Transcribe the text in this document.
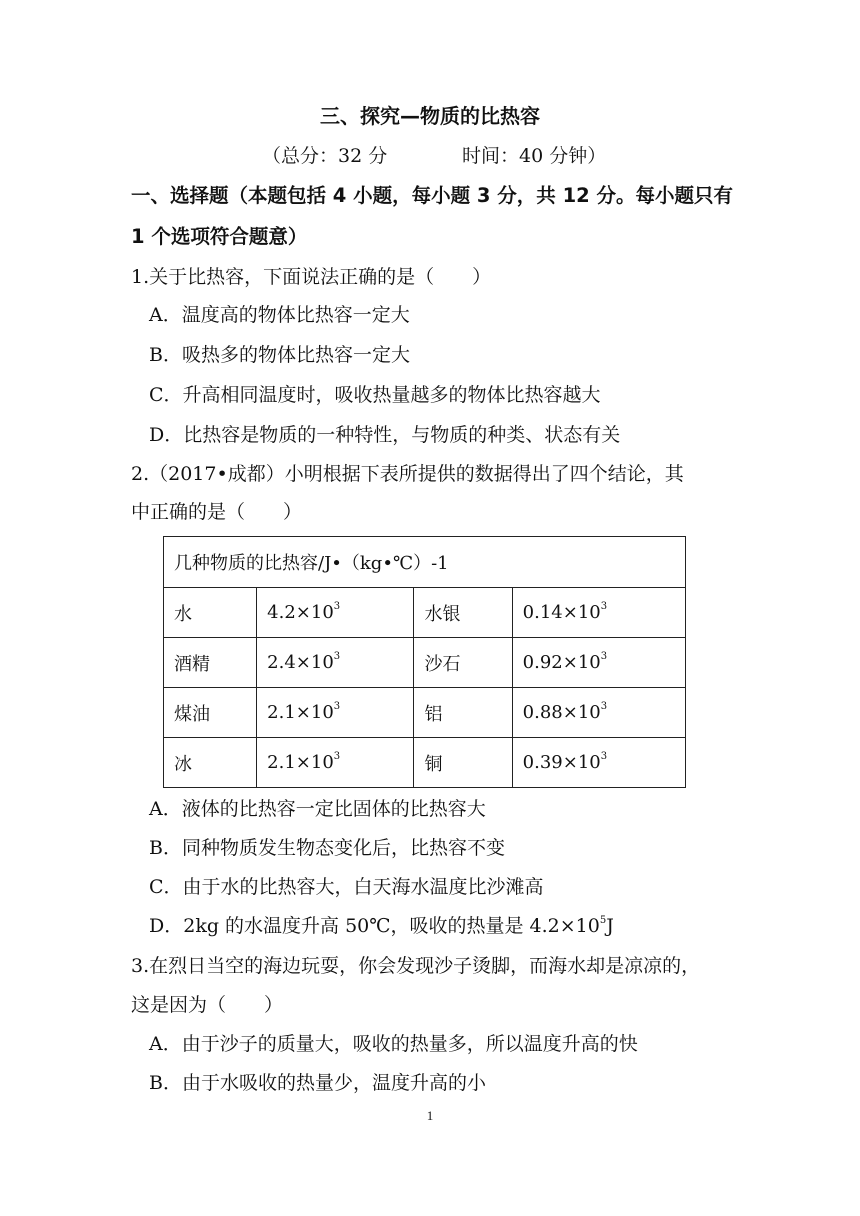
三、探究—物质的比热容
（总分：32 分	时间：40 分钟）
一、选择题（本题包括 4 小题，每小题 3 分，共 12 分。每小题只有
1 个选项符合题意）
1.关于比热容，下面说法正确的是（　　）
A．温度高的物体比热容一定大
B．吸热多的物体比热容一定大
C．升高相同温度时，吸收热量越多的物体比热容越大
D．比热容是物质的一种特性，与物质的种类、状态有关
2.（2017•成都）小明根据下表所提供的数据得出了四个结论，其
中正确的是（　　）
几种物质的比热容/J•（kg•℃）-1			
水	$4.2\times 10^3$	水银	$0.14\times 10^3$
酒精	$2.4\times 10^3$	沙石	$0.92\times 10^3$
煤油	$2.1\times 10^3$	铝	$0.88\times 10^3$
冰	$2.1\times 10^3$	铜	$0.39\times 10^3$
A．液体的比热容一定比固体的比热容大
B．同种物质发生物态变化后，比热容不变
C．由于水的比热容大，白天海水温度比沙滩高
D．2kg 的水温度升高 50℃，吸收的热量是 $4.2\times 10^5J$
3.在烈日当空的海边玩耍，你会发现沙子烫脚，而海水却是凉凉的，
这是因为（　　）
A．由于沙子的质量大，吸收的热量多，所以温度升高的快
B．由于水吸收的热量少，温度升高的小
1
